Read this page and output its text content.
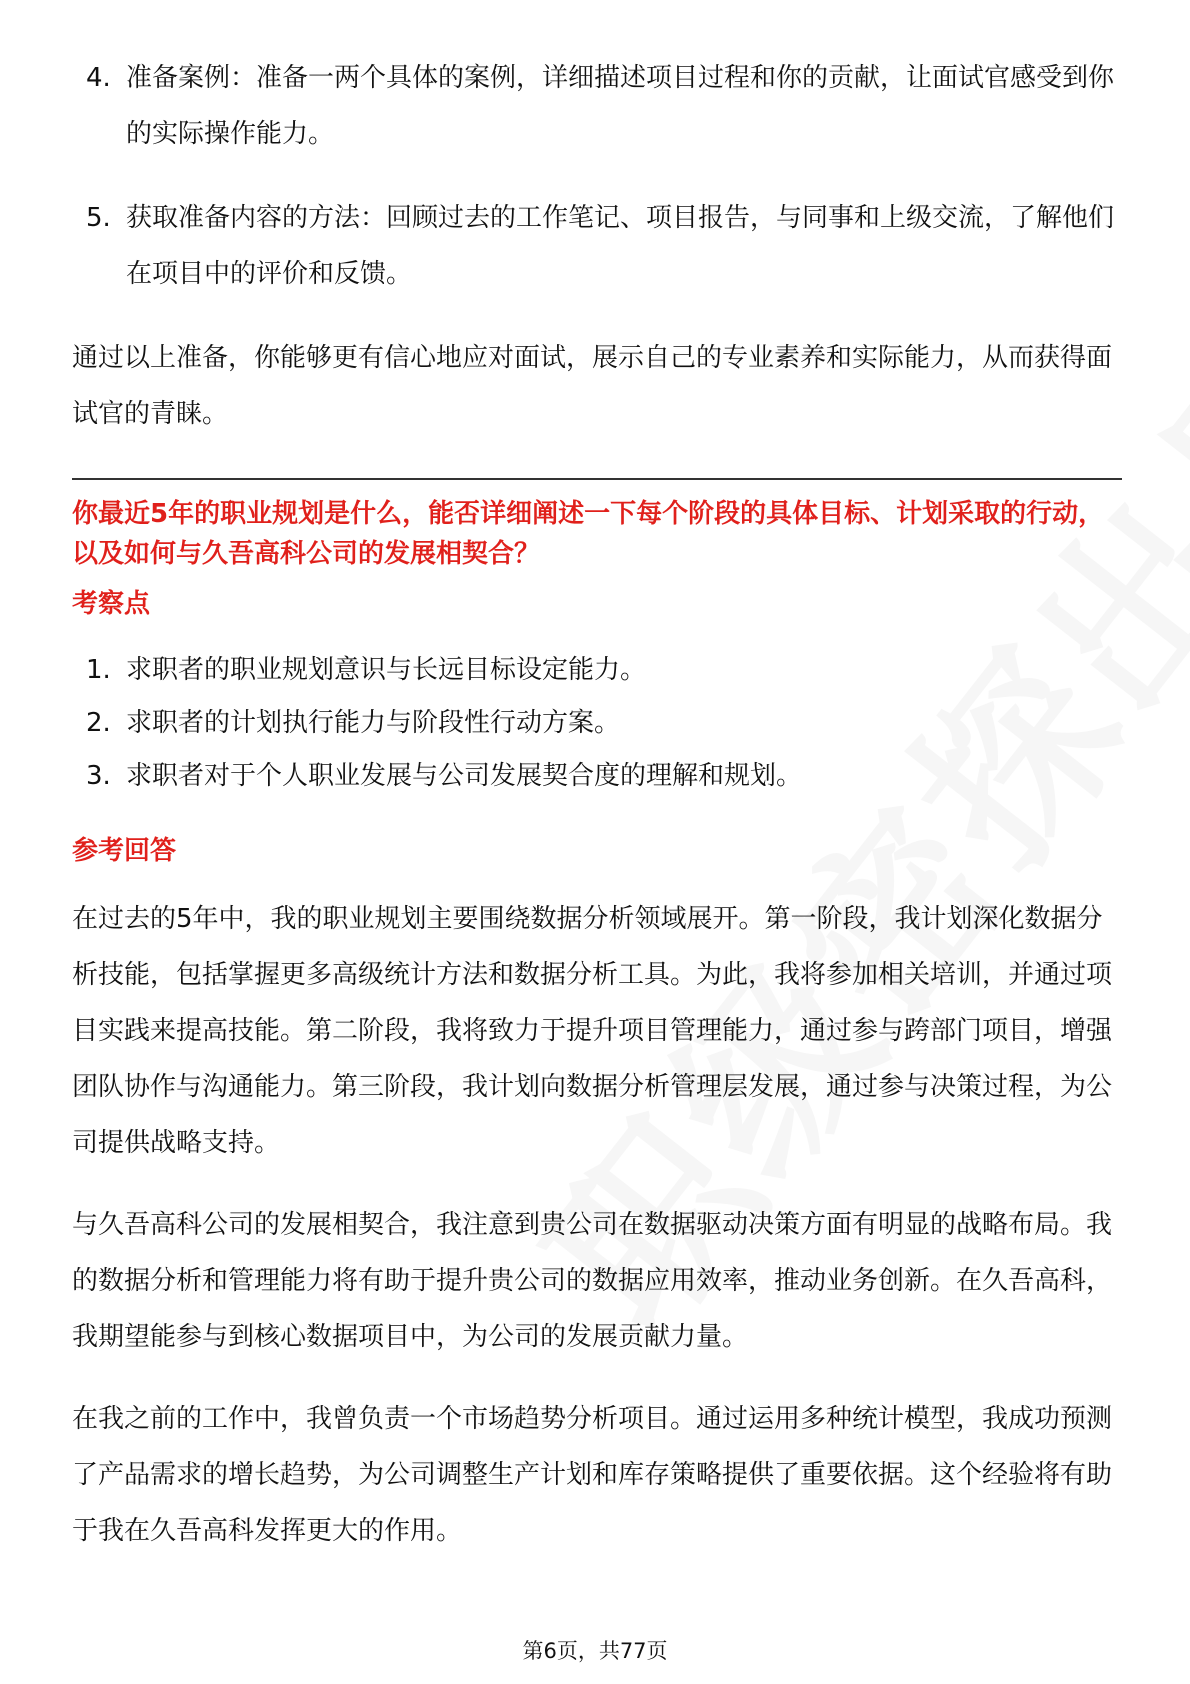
4. 准备案例：准备一两个具体的案例，详细描述项目过程和你的贡献，让面试官感受到你的实际操作能力。
5. 获取准备内容的方法：回顾过去的工作笔记、项目报告，与同事和上级交流，了解他们在项目中的评价和反馈。
通过以上准备，你能够更有信心地应对面试，展示自己的专业素养和实际能力，从而获得面试官的青睐。
你最近5年的职业规划是什么，能否详细阐述一下每个阶段的具体目标、计划采取的行动，以及如何与久吾高科公司的发展相契合？
考察点
1. 求职者的职业规划意识与长远目标设定能力。
2. 求职者的计划执行能力与阶段性行动方案。
3. 求职者对于个人职业发展与公司发展契合度的理解和规划。
参考回答
在过去的5年中，我的职业规划主要围绕数据分析领域展开。第一阶段，我计划深化数据分析技能，包括掌握更多高级统计方法和数据分析工具。为此，我将参加相关培训，并通过项目实践来提高技能。第二阶段，我将致力于提升项目管理能力，通过参与跨部门项目，增强团队协作与沟通能力。第三阶段，我计划向数据分析管理层发展，通过参与决策过程，为公司提供战略支持。
与久吾高科公司的发展相契合，我注意到贵公司在数据驱动决策方面有明显的战略布局。我的数据分析和管理能力将有助于提升贵公司的数据应用效率，推动业务创新。在久吾高科，我期望能参与到核心数据项目中，为公司的发展贡献力量。
在我之前的工作中，我曾负责一个市场趋势分析项目。通过运用多种统计模型，我成功预测了产品需求的增长趋势，为公司调整生产计划和库存策略提供了重要依据。这个经验将有助于我在久吾高科发挥更大的作用。
第6页，共77页
